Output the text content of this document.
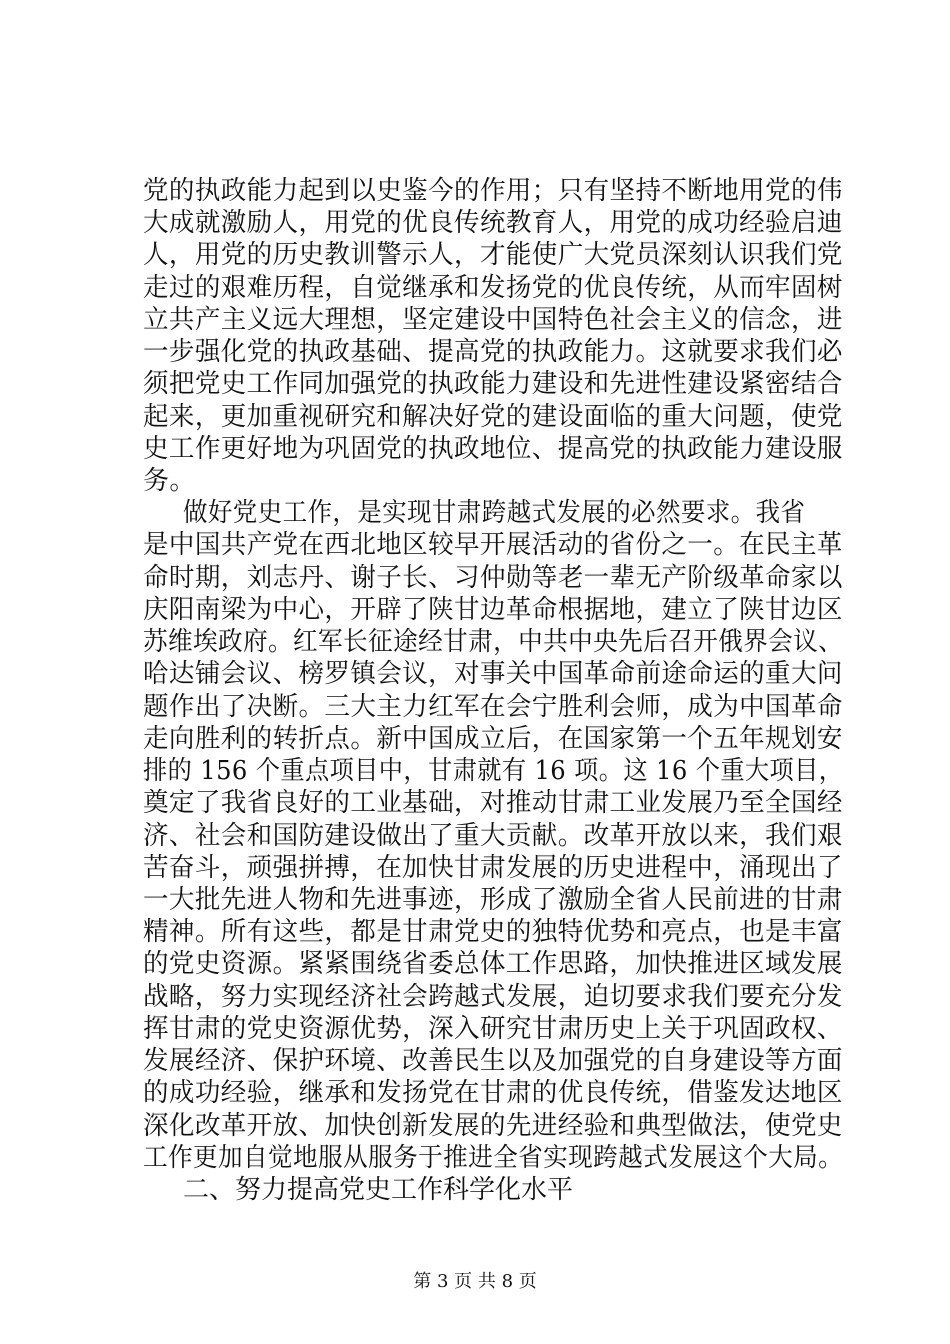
党的执政能力起到以史鉴今的作用；只有坚持不断地用党的伟
大成就激励人，用党的优良传统教育人，用党的成功经验启迪
人，用党的历史教训警示人，才能使广大党员深刻认识我们党
走过的艰难历程，自觉继承和发扬党的优良传统，从而牢固树
立共产主义远大理想，坚定建设中国特色社会主义的信念，进
一步强化党的执政基础、提高党的执政能力。这就要求我们必
须把党史工作同加强党的执政能力建设和先进性建设紧密结合
起来，更加重视研究和解决好党的建设面临的重大问题，使党
史工作更好地为巩固党的执政地位、提高党的执政能力建设服
务。
做好党史工作，是实现甘肃跨越式发展的必然要求。我省
是中国共产党在西北地区较早开展活动的省份之一。在民主革
命时期，刘志丹、谢子长、习仲勋等老一辈无产阶级革命家以
庆阳南梁为中心，开辟了陕甘边革命根据地，建立了陕甘边区
苏维埃政府。红军长征途经甘肃，中共中央先后召开俄界会议、
哈达铺会议、榜罗镇会议，对事关中国革命前途命运的重大问
题作出了决断。三大主力红军在会宁胜利会师，成为中国革命
走向胜利的转折点。新中国成立后，在国家第一个五年规划安
排的 156 个重点项目中，甘肃就有 16 项。这 16 个重大项目，
奠定了我省良好的工业基础，对推动甘肃工业发展乃至全国经
济、社会和国防建设做出了重大贡献。改革开放以来，我们艰
苦奋斗，顽强拼搏，在加快甘肃发展的历史进程中，涌现出了
一大批先进人物和先进事迹，形成了激励全省人民前进的甘肃
精神。所有这些，都是甘肃党史的独特优势和亮点，也是丰富
的党史资源。紧紧围绕省委总体工作思路，加快推进区域发展
战略，努力实现经济社会跨越式发展，迫切要求我们要充分发
挥甘肃的党史资源优势，深入研究甘肃历史上关于巩固政权、
发展经济、保护环境、改善民生以及加强党的自身建设等方面
的成功经验，继承和发扬党在甘肃的优良传统，借鉴发达地区
深化改革开放、加快创新发展的先进经验和典型做法，使党史
工作更加自觉地服从服务于推进全省实现跨越式发展这个大局。
二、努力提高党史工作科学化水平
第 3 页 共 8 页
